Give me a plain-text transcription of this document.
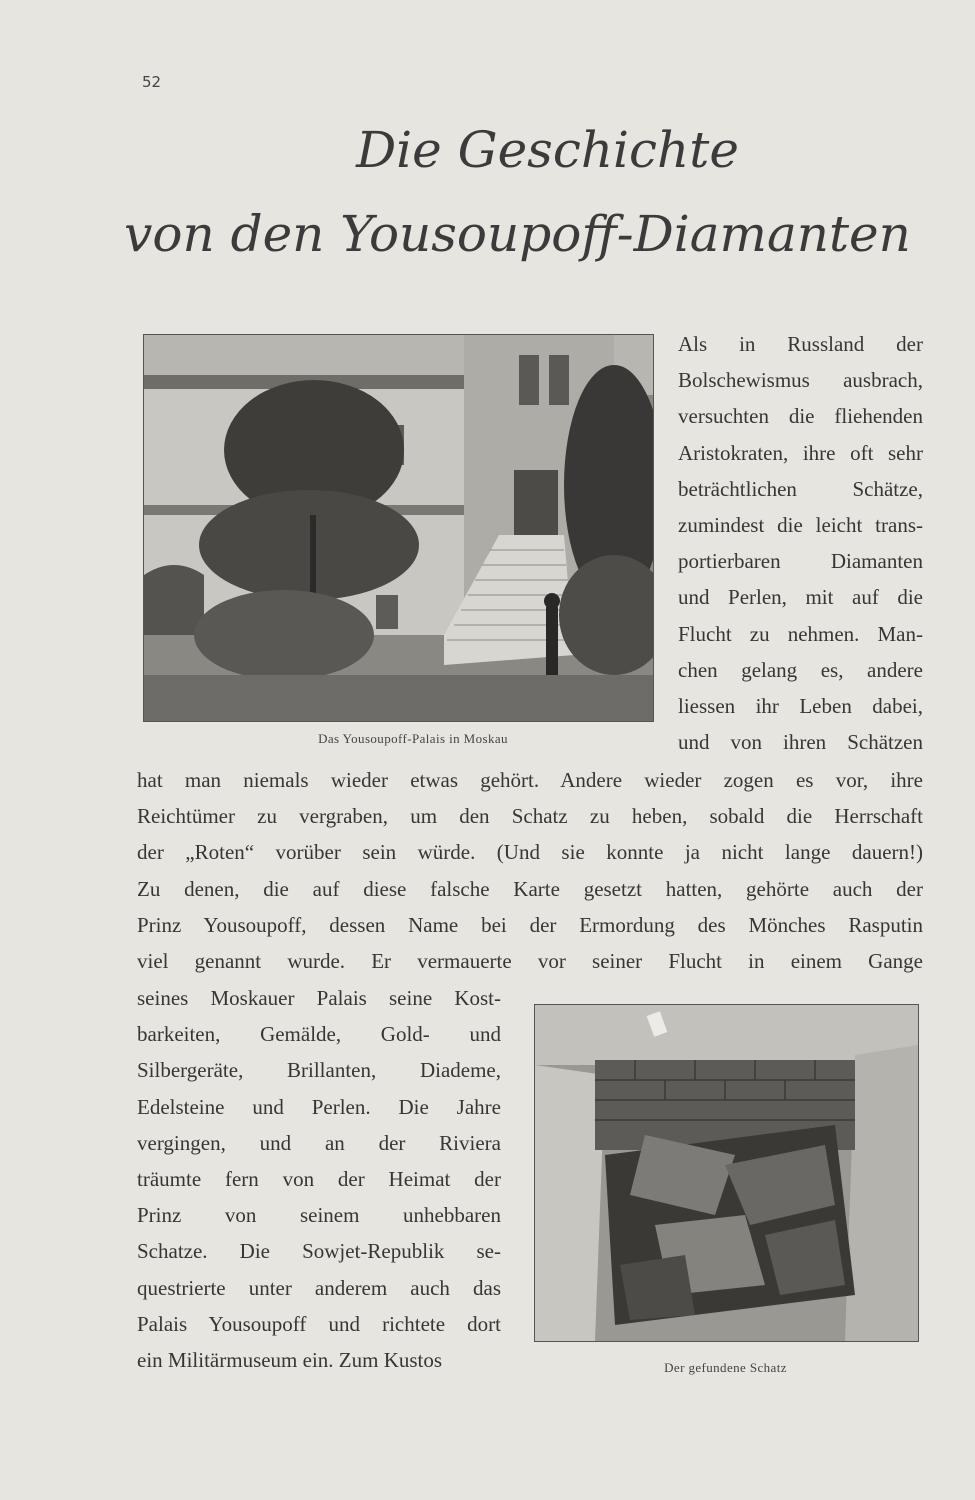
52
Die Geschichte
von den Yousoupoff-Diamanten
Das Yousoupoff-Palais in Moskau
Als in Russland der
Bolschewismus ausbrach,
versuchten die fliehenden
Aristokraten, ihre oft sehr
beträchtlichen Schätze,
zumindest die leicht trans-
portierbaren Diamanten
und Perlen, mit auf die
Flucht zu nehmen. Man-
chen gelang es, andere
liessen ihr Leben dabei,
und von ihren Schätzen
hat man niemals wieder etwas gehört. Andere wieder zogen es vor, ihre
Reichtümer zu vergraben, um den Schatz zu heben, sobald die Herrschaft
der „Roten“ vorüber sein würde. (Und sie konnte ja nicht lange dauern!)
Zu denen, die auf diese falsche Karte gesetzt hatten, gehörte auch der
Prinz Yousoupoff, dessen Name bei der Ermordung des Mönches Rasputin
viel genannt wurde. Er vermauerte vor seiner Flucht in einem Gange
seines Moskauer Palais seine Kost-
barkeiten, Gemälde, Gold- und
Silbergeräte, Brillanten, Diademe,
Edelsteine und Perlen. Die Jahre
vergingen, und an der Riviera
träumte fern von der Heimat der
Prinz von seinem unhebbaren
Schatze. Die Sowjet-Republik se-
questrierte unter anderem auch das
Palais Yousoupoff und richtete dort
ein Militärmuseum ein. Zum Kustos	Der gefundene Schatz
